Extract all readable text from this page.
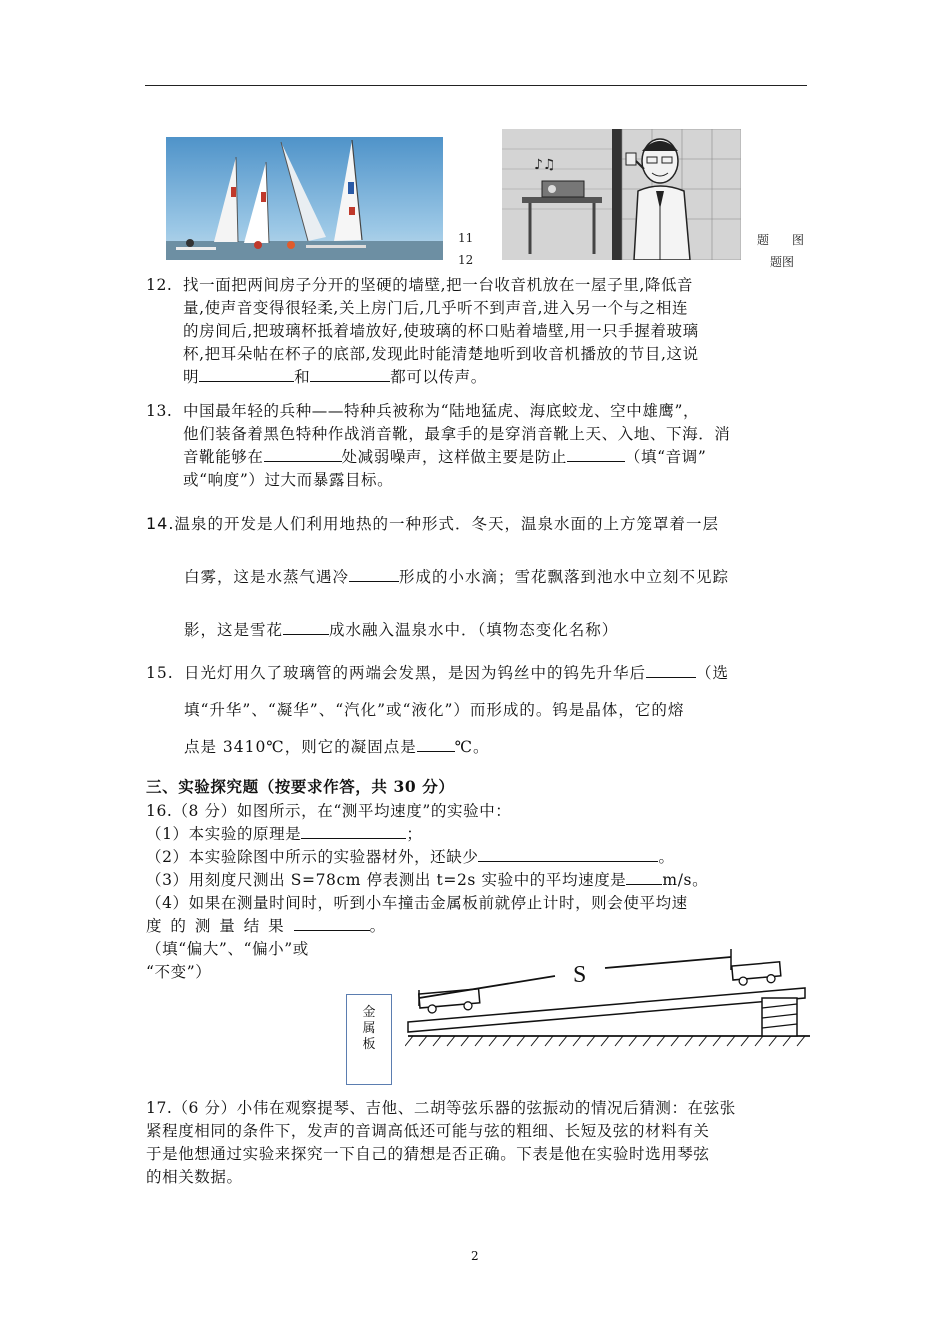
11
12
♪♫
题 图
题图
12. 找一面把两间房子分开的坚硬的墙壁,把一台收音机放在一屋子里,降低音
量,使声音变得很轻柔,关上房门后,几乎听不到声音,进入另一个与之相连
的房间后,把玻璃杯抵着墙放好,使玻璃的杯口贴着墙壁,用一只手握着玻璃
杯,把耳朵帖在杯子的底部,发现此时能清楚地听到收音机播放的节目,这说
明	和	都可以传声。
13. 中国最年轻的兵种——特种兵被称为“陆地猛虎、海底蛟龙、空中雄鹰”，
他们装备着黑色特种作战消音靴，最拿手的是穿消音靴上天、入地、下海．消
音靴能够在	处减弱噪声，这样做主要是防止	（填“音调”
或“响度”）过大而暴露目标。
14.温泉的开发是人们利用地热的一种形式．冬天，温泉水面的上方笼罩着一层
白雾，这是水蒸气遇冷	形成的小水滴；雪花飘落到池水中立刻不见踪
影，这是雪花	成水融入温泉水中．（填物态变化名称）
15. 日光灯用久了玻璃管的两端会发黑，是因为钨丝中的钨先升华后	（选
填“升华”、“凝华”、“汽化”或“液化”）而形成的。钨是晶体，它的熔
点是 3410℃，则它的凝固点是 ℃。
三、实验探究题（按要求作答，共 30 分）
16.（8 分）如图所示，在“测平均速度”的实验中：
（1）本实验的原理是	；
（2）本实验除图中所示的实验器材外，还缺少	。
（3）用刻度尺测出 S=78cm 停表测出 t=2s 实验中的平均速度是 m/s。
（4）如果在测量时间时，听到小车撞击金属板前就停止计时，则会使平均速
度 的 测 量 结 果	。
（填“偏大”、“偏小”或
“不变”）
金
属
板
S
17.（6 分）小伟在观察提琴、吉他、二胡等弦乐器的弦振动的情况后猜测：在弦张
紧程度相同的条件下，发声的音调高低还可能与弦的粗细、长短及弦的材料有关
于是他想通过实验来探究一下自己的猜想是否正确。下表是他在实验时选用琴弦
的相关数据。
2
